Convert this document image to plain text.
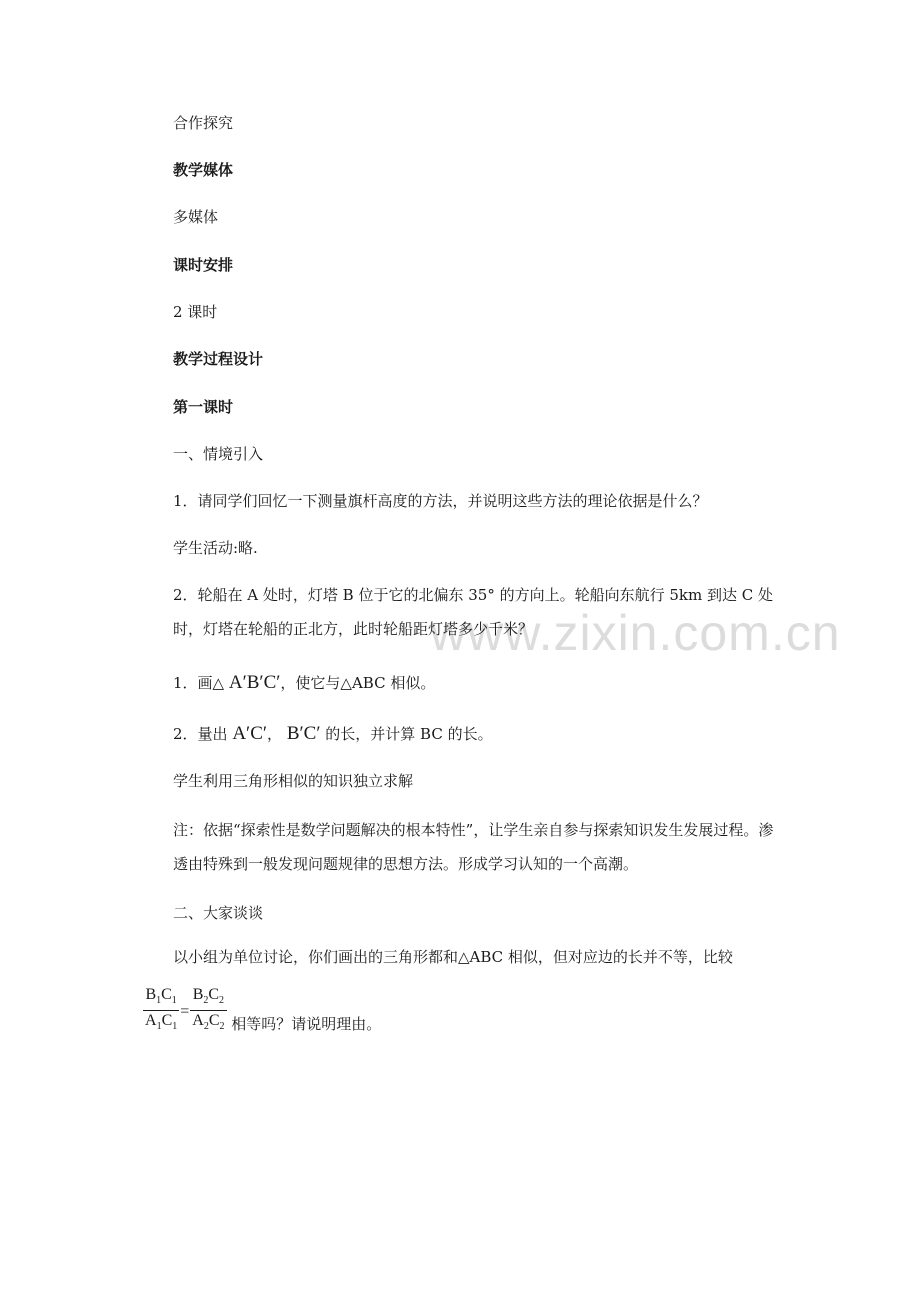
www.zixin.com.cn
合作探究
教学媒体
多媒体
课时安排
2 课时
教学过程设计
第一课时
一、情境引入
1．请同学们回忆一下测量旗杆高度的方法，并说明这些方法的理论依据是什么？
学生活动:略.
2．轮船在 A 处时，灯塔 B 位于它的北偏东 35° 的方向上。轮船向东航行 5km 到达 C 处时，灯塔在轮船的正北方，此时轮船距灯塔多少千米？
1．画△ A′B′C′，使它与△ABC 相似。
2．量出 A′C′， B′C′ 的长，并计算 BC 的长。
学生利用三角形相似的知识独立求解
注：依据“探索性是数学问题解决的根本特性”，让学生亲自参与探索知识发生发展过程。渗透由特殊到一般发现问题规律的思想方法。形成学习认知的一个高潮。
二、大家谈谈
以小组为单位讨论，你们画出的三角形都和△ABC 相似，但对应边的长并不等，比较
$\frac{B_1C_1}{A_1C_1} = \frac{B_2C_2}{A_2C_2}$ 相等吗？请说明理由。
